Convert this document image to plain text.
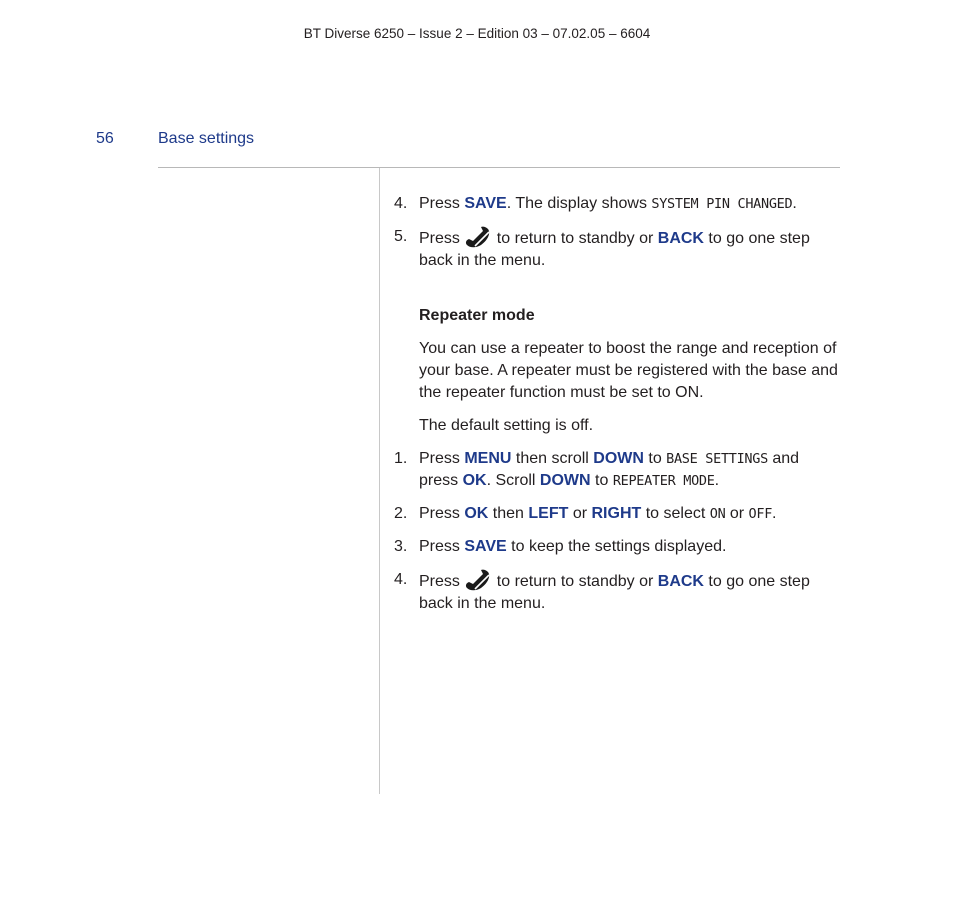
BT Diverse 6250 – Issue 2 – Edition 03 – 07.02.05 – 6604
56	Base settings
4. Press SAVE. The display shows SYSTEM PIN CHANGED.
5. Press  to return to standby or BACK to go one step back in the menu.
Repeater mode
You can use a repeater to boost the range and reception of your base. A repeater must be registered with the base and the repeater function must be set to ON.
The default setting is off.
1. Press MENU then scroll DOWN to BASE SETTINGS and press OK. Scroll DOWN to REPEATER MODE.
2. Press OK then LEFT or RIGHT to select ON or OFF.
3. Press SAVE to keep the settings displayed.
4. Press  to return to standby or BACK to go one step back in the menu.
